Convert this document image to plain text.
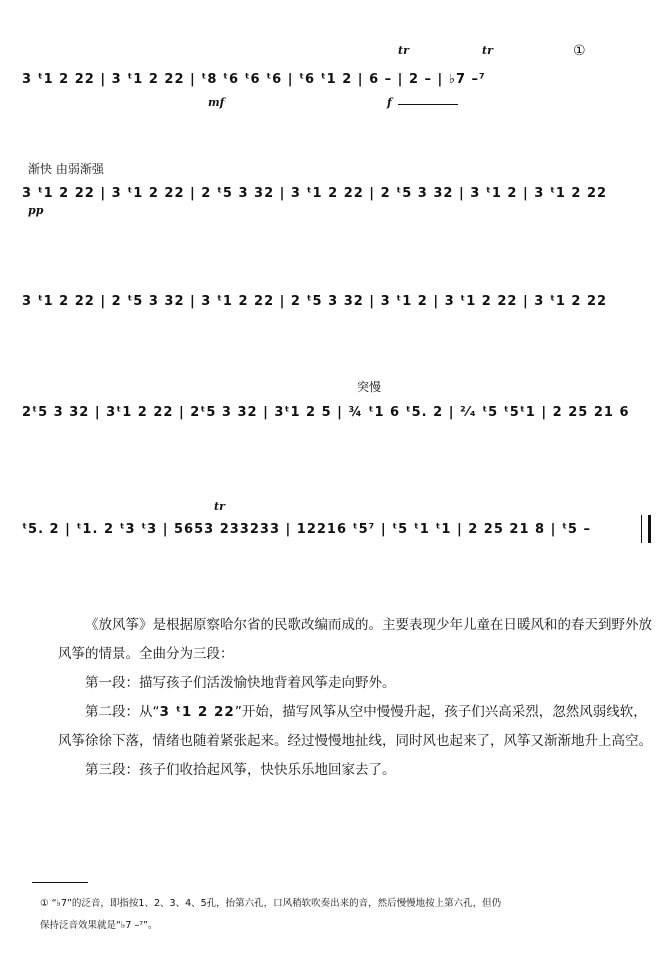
3 ᵗ1 2 22 | 3 ᵗ1 2 22 | ᵗ8 ᵗ6 ᵗ6 ᵗ6 | ᵗ6 ᵗ1 2 | 6 – | 2 – | ♭7 –⁷
mf
tr	tr
f
①
渐快 由弱渐强
3 ᵗ1 2 22 | 3 ᵗ1 2 22 | 2 ᵗ5 3 32 | 3 ᵗ1 2 22 | 2 ᵗ5 3 32 | 3 ᵗ1 2 | 3 ᵗ1 2 22
pp
3 ᵗ1 2 22 | 2 ᵗ5 3 32 | 3 ᵗ1 2 22 | 2 ᵗ5 3 32 | 3 ᵗ1 2 | 3 ᵗ1 2 22 | 3 ᵗ1 2 22
突慢
2ᵗ5 3 32 | 3ᵗ1 2 22 | 2ᵗ5 3 32 | 3ᵗ1 2 5 | ¾ ᵗ1 6 ᵗ5. 2 | ²⁄₄ ᵗ5 ᵗ5ᵗ1 | 2 25 21 6
tr
ᵗ5. 2 | ᵗ1. 2 ᵗ3 ᵗ3 | 5653 233233 | 12216 ᵗ5⁷ | ᵗ5 ᵗ1 ᵗ1 | 2 25 21 8 | ᵗ5 –

《放风筝》是根据原察哈尔省的民歌改编而成的。主要表现少年儿童在日暖风和的春天到野外放风筝的情景。全曲分为三段：

第一段：描写孩子们活泼愉快地背着风筝走向野外。

第二段：从“3 ᵗ1 2 22”开始，描写风筝从空中慢慢升起，孩子们兴高采烈，忽然风弱线软，风筝徐徐下落，情绪也随着紧张起来。经过慢慢地扯线，同时风也起来了，风筝又渐渐地升上高空。

第三段：孩子们收拾起风筝，快快乐乐地回家去了。

① “♭7”的泛音，即指按1、2、3、4、5孔，抬第六孔，口风稍软吹奏出来的音，然后慢慢地按上第六孔，但仍
保持泛音效果就是“♭7 –⁷”。
